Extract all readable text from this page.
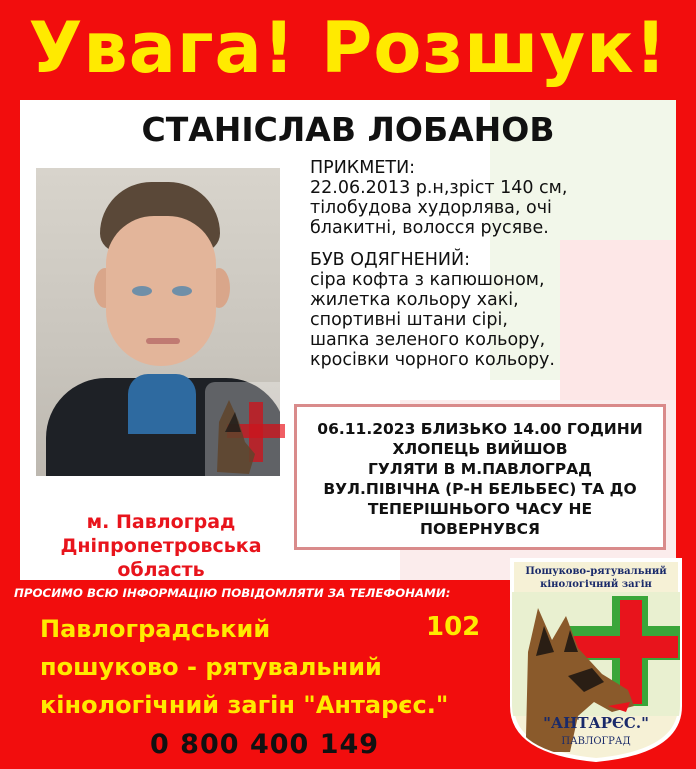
Увага! Розшук!
СТАНІСЛАВ ЛОБАНОВ
м. Павлоград
Дніпропетровська
область
ПРИКМЕТИ:
22.06.2013 р.н,зріст 140 см,
тілобудова худорлява, очі
блакитні, волосся русяве.
БУВ ОДЯГНЕНИЙ:
сіра кофта з капюшоном,
жилетка кольору хакі,
спортивні штани сірі,
шапка зеленого кольору,
кросівки чорного кольору.
06.11.2023 БЛИЗЬКО 14.00 ГОДИНИ
ХЛОПЕЦЬ ВИЙШОВ
ГУЛЯТИ В М.ПАВЛОГРАД
ВУЛ.ПІВІЧНА (Р-Н БЕЛЬБЕС) ТА ДО
ТЕПЕРІШНЬОГО ЧАСУ НЕ
ПОВЕРНУВСЯ
ПРОСИМО ВСЮ ІНФОРМАЦІЮ ПОВІДОМЛЯТИ ЗА ТЕЛЕФОНАМИ:
Павлоградський
пошуково - рятувальний
кінологічний загін "Антарєс."
102
0 800 400 149
Пошуково-рятувальний
кінологічний загін
"АНТАРЄС."
ПАВЛОГРАД
